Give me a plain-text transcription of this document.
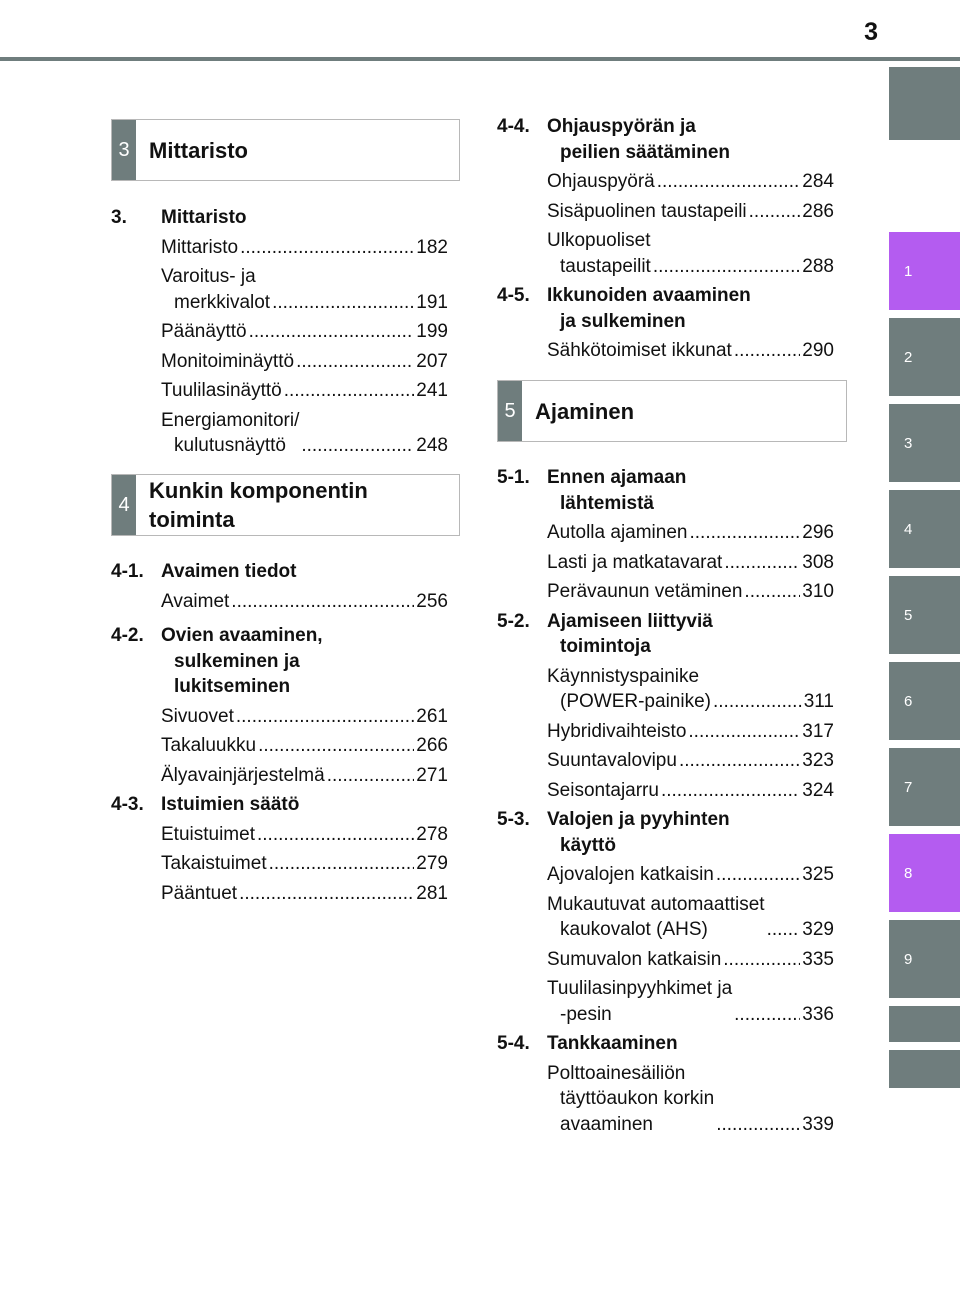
3
1
2
3
4
5
6
7
8
9
3 Mittaristo
4
Kunkin komponentin
toiminta
5 Ajaminen
3.	Mittaristo
Mittaristo .....	182
Varoitus- ja
merkkivalot .....	191
Päänäyttö .....	199
Monitoiminäyttö .....	207
Tuulilasinäyttö .....	241
Energiamonitori/
kulutusnäyttö .....	248
4-1. Avaimen tiedot
Avaimet .....	256
4-2. Ovien avaaminen,
sulkeminen ja
lukitseminen
Sivuovet .....	261
Takaluukku .....	266
Älyavainjärjestelmä .....	271
4-3. Istuimien säätö
Etuistuimet .....	278
Takaistuimet .....	279
Pääntuet .....	281
4-4. Ohjauspyörän ja
peilien säätäminen
Ohjauspyörä .....	284
Sisäpuolinen taustapeili .....	286
Ulkopuoliset
taustapeilit .....	288
4-5. Ikkunoiden avaaminen
ja sulkeminen
Sähkötoimiset ikkunat .....	290
5-1. Ennen ajamaan
lähtemistä
Autolla ajaminen .....	296
Lasti ja matkatavarat .....	308
Perävaunun vetäminen .....	310
5-2. Ajamiseen liittyviä
toimintoja
Käynnistyspainike
(POWER-painike) .....	311
Hybridivaihteisto .....	317
Suuntavalovipu .....	323
Seisontajarru .....	324
5-3. Valojen ja pyyhinten
käyttö
Ajovalojen katkaisin .....	325
Mukautuvat automaattiset
kaukovalot (AHS) .....	329
Sumuvalon katkaisin .....	335
Tuulilasinpyyhkimet ja
-pesin .....	336
5-4. Tankkaaminen
Polttoainesäiliön
täyttöaukon korkin
avaaminen .....	339
